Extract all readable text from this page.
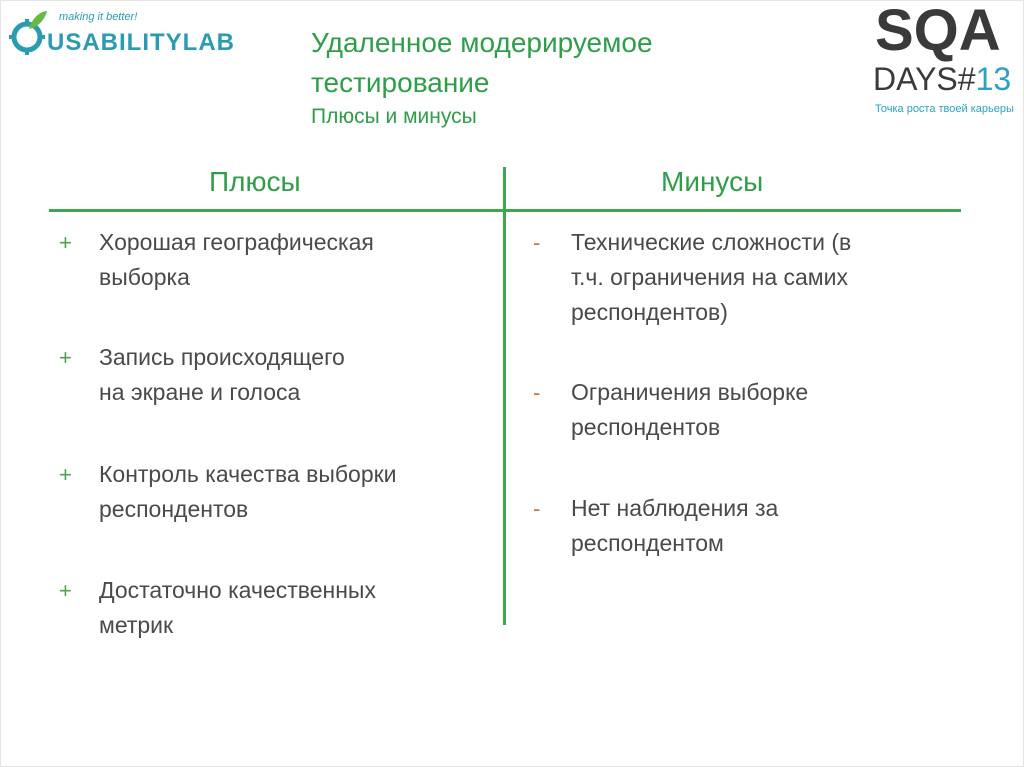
making it better!
USABILITYLAB	Удаленное модерируемое
тестирование
Плюсы и минусы
SQA
DAYS#13
Точка роста твоей карьеры
Плюсы	Минусы
+ Хорошая географическая
выборка
+ Запись происходящего
на экране и голоса
+ Контроль качества выборки
респондентов
+ Достаточно качественных
метрик
- Технические сложности (в
т.ч. ограничения на самих
респондентов)
- Ограничения выборке
респондентов
- Нет наблюдения за
респондентом
